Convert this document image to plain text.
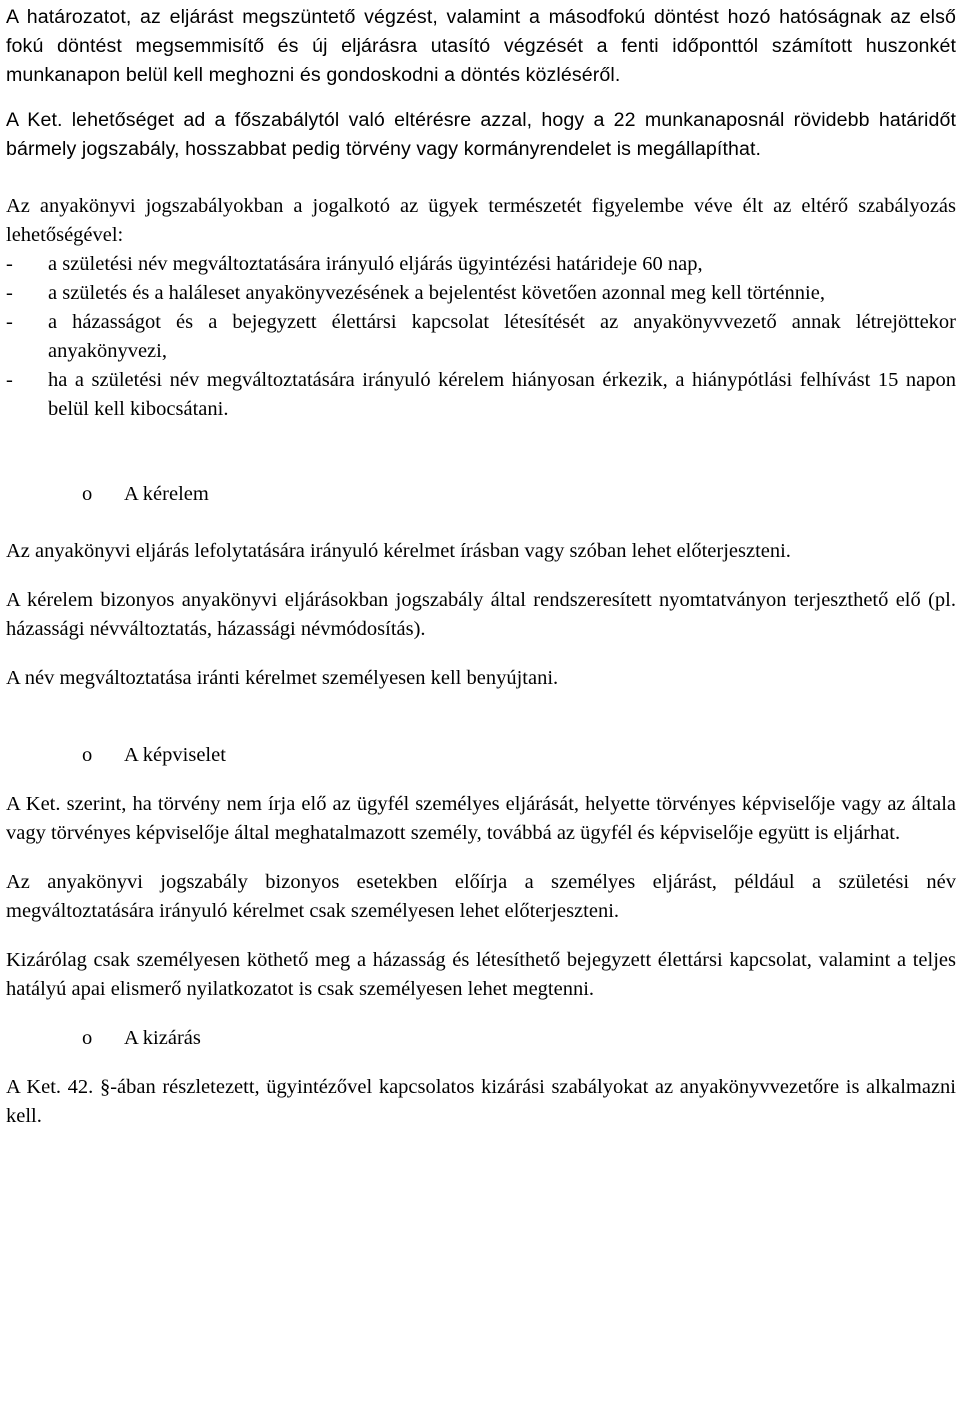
A határozatot, az eljárást megszüntető végzést, valamint a másodfokú döntést hozó hatóságnak az első fokú döntést megsemmisítő és új eljárásra utasító végzését a fenti időponttól számított huszonkét munkanapon belül kell meghozni és gondoskodni a döntés közléséről.

A Ket. lehetőséget ad a főszabálytól való eltérésre azzal, hogy a 22 munkanaposnál rövidebb határidőt bármely jogszabály, hosszabbat pedig törvény vagy kormányrendelet is megállapíthat.

Az anyakönyvi jogszabályokban a jogalkotó az ügyek természetét figyelembe véve élt az eltérő szabályozás lehetőségével:

- a születési név megváltoztatására irányuló eljárás ügyintézési határideje 60 nap,
- a születés és a haláleset anyakönyvezésének a bejelentést követően azonnal meg kell történnie,
- a házasságot és a bejegyzett élettársi kapcsolat létesítését az anyakönyvvezető annak létrejöttekor anyakönyvezi,
- ha a születési név megváltoztatására irányuló kérelem hiányosan érkezik, a hiánypótlási felhívást 15 napon belül kell kibocsátani.
o A kérelem

Az anyakönyvi eljárás lefolytatására irányuló kérelmet írásban vagy szóban lehet előterjeszteni.

A kérelem bizonyos anyakönyvi eljárásokban jogszabály által rendszeresített nyomtatványon terjeszthető elő (pl. házassági névváltoztatás, házassági névmódosítás).

A név megváltoztatása iránti kérelmet személyesen kell benyújtani.

o A képviselet

A Ket. szerint, ha törvény nem írja elő az ügyfél személyes eljárását, helyette törvényes képviselője vagy az általa vagy törvényes képviselője által meghatalmazott személy, továbbá az ügyfél és képviselője együtt is eljárhat.

Az anyakönyvi jogszabály bizonyos esetekben előírja a személyes eljárást, például a születési név megváltoztatására irányuló kérelmet csak személyesen lehet előterjeszteni.

Kizárólag csak személyesen köthető meg a házasság és létesíthető bejegyzett élettársi kapcsolat, valamint a teljes hatályú apai elismerő nyilatkozatot is csak személyesen lehet megtenni.

o A kizárás

A Ket. 42. §-ában részletezett, ügyintézővel kapcsolatos kizárási szabályokat az anyakönyvvezetőre is alkalmazni kell.
